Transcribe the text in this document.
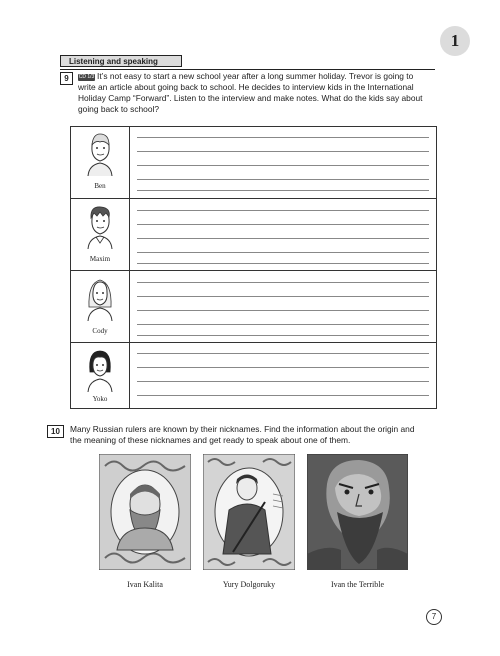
1
Listening and speaking
9	CD 1/3 It’s not easy to start a new school year after a long summer holiday. Trevor is going to
write an article about going back to school. He decides to interview kids in the International
Holiday Camp “Forward”. Listen to the interview and make notes. What do the kids say about
going back to school?
Ben
Maxim
Cody
Yoko
10	Many Russian rulers are known by their nicknames. Find the information about the origin and
the meaning of these nicknames and get ready to speak about one of them.
Ivan Kalita	Yury Dolgoruky	Ivan the Terrible
7
